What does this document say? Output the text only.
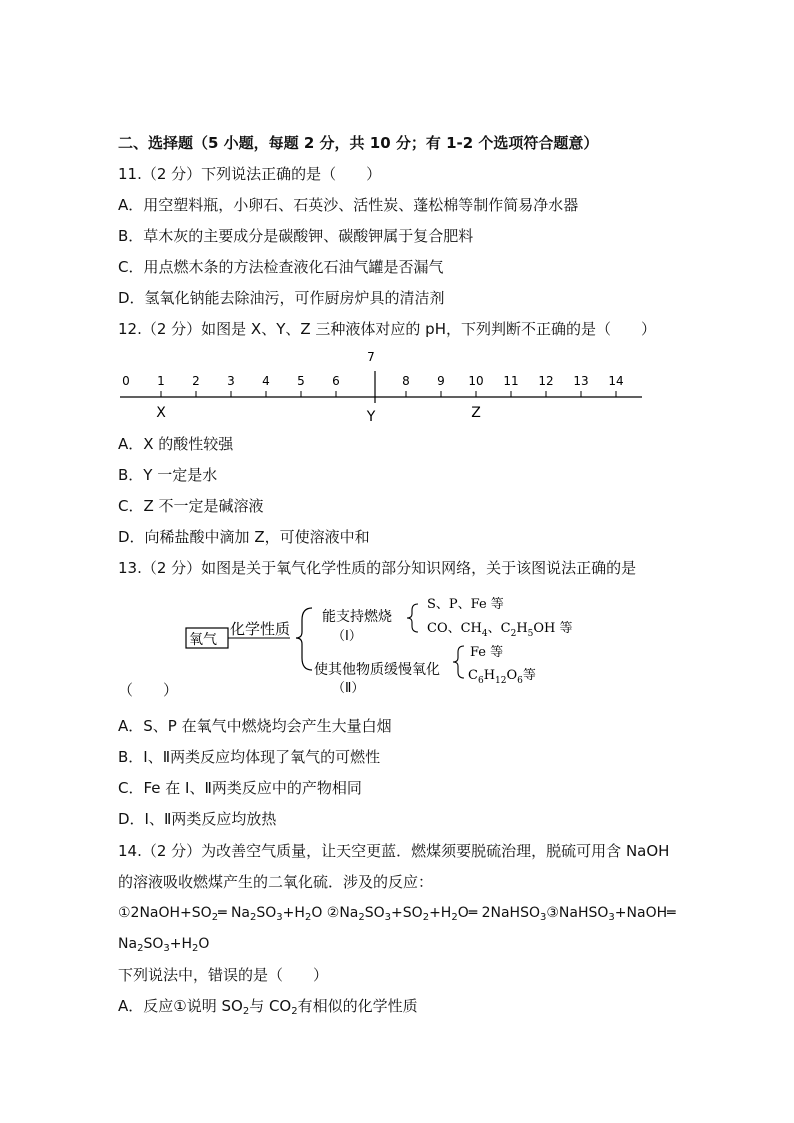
二、选择题（5 小题，每题 2 分，共 10 分；有 1-2 个选项符合题意）
11.（2 分）下列说法正确的是（　　）
A．用空塑料瓶，小卵石、石英沙、活性炭、蓬松棉等制作简易净水器
B．草木灰的主要成分是碳酸钾、碳酸钾属于复合肥料
C．用点燃木条的方法检查液化石油气罐是否漏气
D．氢氧化钠能去除油污，可作厨房炉具的清洁剂
12.（2 分）如图是 X、Y、Z 三种液体对应的 pH，下列判断不正确的是（　　）
0 1 2 3 4 5 6
7
8 9 10 11 12 13 14
X	Y	Z
A．X 的酸性较强
B．Y 一定是水
C．Z 不一定是碱溶液
D．向稀盐酸中滴加 Z，可使溶液中和
13.（2 分）如图是关于氧气化学性质的部分知识网络，关于该图说法正确的是
氧气
化学性质
能支持燃烧
（Ⅰ）
S、P、Fe 等
CO、$CH_4$、$C_2H_5OH$ 等
使其他物质缓慢氧化
（Ⅱ）
Fe 等
$C_6H_{12}O_6$等
（　　）
A．S、P 在氧气中燃烧均会产生大量白烟
B．I、Ⅱ两类反应均体现了氧气的可燃性
C．Fe 在 I、Ⅱ两类反应中的产物相同
D．I、Ⅱ两类反应均放热
14.（2 分）为改善空气质量，让天空更蓝．燃煤须要脱硫治理，脱硫可用含 NaOH
的溶液吸收燃煤产生的二氧化硫．涉及的反应：
$①2NaOH+SO_2═$ $Na_2SO_3+H_2O$ $②Na_2SO_3+SO_2+H_2O═$ 2NaHSO$_3$③NaHSO$_3$+NaOH═
$Na_2SO_3+H_2O$
下列说法中，错误的是（　　）
A．反应①说明 $SO_2$与 $CO_2$有相似的化学性质
